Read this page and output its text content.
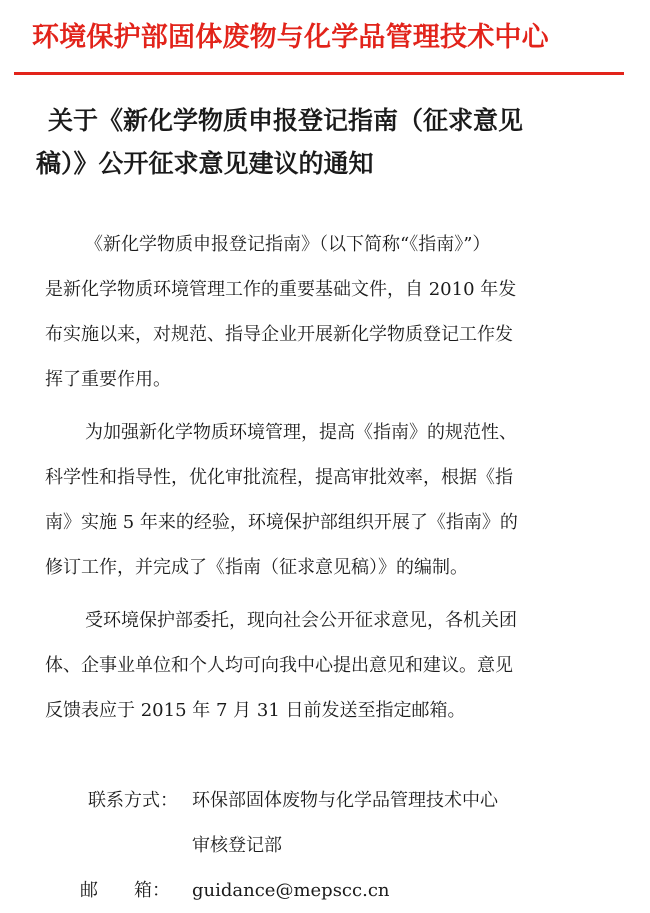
环境保护部固体废物与化学品管理技术中心
关于《新化学物质申报登记指南（征求意见
稿）》公开征求意见建议的通知

《新化学物质申报登记指南》（以下简称“《指南》”）
是新化学物质环境管理工作的重要基础文件，自 2010 年发
布实施以来，对规范、指导企业开展新化学物质登记工作发
挥了重要作用。

为加强新化学物质环境管理，提高《指南》的规范性、
科学性和指导性，优化审批流程，提高审批效率，根据《指
南》实施 5 年来的经验，环境保护部组织开展了《指南》的
修订工作，并完成了《指南（征求意见稿）》的编制。

受环境保护部委托，现向社会公开征求意见，各机关团
体、企事业单位和个人均可向我中心提出意见和建议。意见
反馈表应于 2015 年 7 月 31 日前发送至指定邮箱。

联系方式： 环保部固体废物与化学品管理技术中心
审核登记部
邮　　箱：	guidance@mepscc.cn
